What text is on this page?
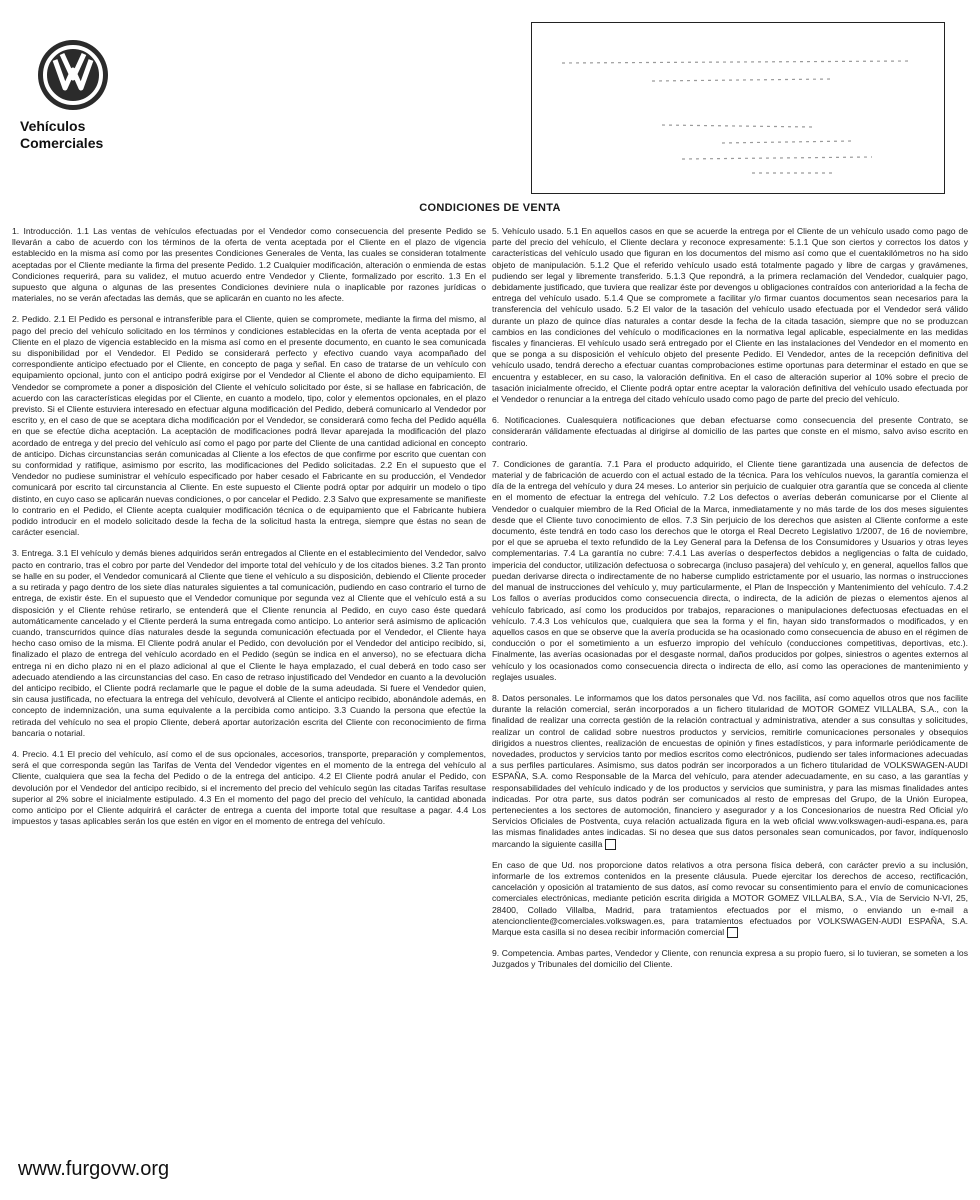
Vehículos
Comerciales
CONDICIONES DE VENTA

1. Introducción. 1.1 Las ventas de vehículos efectuadas por el Vendedor como consecuencia del presente Pedido se llevarán a cabo de acuerdo con los términos de la oferta de venta aceptada por el Cliente en el plazo de vigencia establecido en la misma así como por las presentes Condiciones Generales de Venta, las cuales se consideran totalmente aceptadas por el Cliente mediante la firma del presente Pedido. 1.2 Cualquier modificación, alteración o enmienda de estas Condiciones requerirá, para su validez, el mutuo acuerdo entre Vendedor y Cliente, formalizado por escrito. 1.3 En el supuesto que alguna o algunas de las presentes Condiciones deviniere nula o inaplicable por razones jurídicas o materiales, no se verán afectadas las demás, que se aplicarán en cuanto no les afecte.

2. Pedido. 2.1 El Pedido es personal e intransferible para el Cliente, quien se compromete, mediante la firma del mismo, al pago del precio del vehículo solicitado en los términos y condiciones establecidas en la oferta de venta aceptada por el Cliente en el plazo de vigencia establecido en la misma así como en el presente documento, en cuanto le sea comunicada su disponibilidad por el Vendedor. El Pedido se considerará perfecto y efectivo cuando vaya acompañado del correspondiente anticipo efectuado por el Cliente, en concepto de paga y señal. En caso de tratarse de un vehículo con equipamiento opcional, junto con el anticipo podrá exigirse por el Vendedor al Cliente el abono de dicho equipamiento. El Vendedor se compromete a poner a disposición del Cliente el vehículo solicitado por éste, si se hallase en fabricación, de acuerdo con las características elegidas por el Cliente, en cuanto a modelo, tipo, color y elementos opcionales, en el plazo previsto. Si el Cliente estuviera interesado en efectuar alguna modificación del Pedido, deberá comunicarlo al Vendedor por escrito y, en el caso de que se aceptara dicha modificación por el Vendedor, se considerará como fecha del Pedido aquélla en que se efectúe dicha aceptación. La aceptación de modificaciones podrá llevar aparejada la modificación del plazo acordado de entrega y del precio del vehículo así como el pago por parte del Cliente de una cantidad adicional en concepto de anticipo. Dichas circunstancias serán comunicadas al Cliente a los efectos de que confirme por escrito que cuentan con su conformidad y ratifique, asimismo por escrito, las modificaciones del Pedido solicitadas. 2.2 En el supuesto que el Vendedor no pudiese suministrar el vehículo especificado por haber cesado el Fabricante en su producción, el Vendedor comunicará por escrito tal circunstancia al Cliente. En este supuesto el Cliente podrá optar por adquirir un modelo o tipo distinto, en cuyo caso se aplicarán nuevas condiciones, o por cancelar el Pedido. 2.3 Salvo que expresamente se manifieste lo contrario en el Pedido, el Cliente acepta cualquier modificación técnica o de equipamiento que el Fabricante hubiera podido introducir en el modelo solicitado desde la fecha de la solicitud hasta la entrega, siempre que éstas no sean de carácter esencial.

3. Entrega. 3.1 El vehículo y demás bienes adquiridos serán entregados al Cliente en el establecimiento del Vendedor, salvo pacto en contrario, tras el cobro por parte del Vendedor del importe total del vehículo y de los citados bienes. 3.2 Tan pronto se halle en su poder, el Vendedor comunicará al Cliente que tiene el vehículo a su disposición, debiendo el Cliente proceder a su retirada y pago dentro de los siete días naturales siguientes a tal comunicación, pudiendo en caso contrario el turno de entrega, de existir éste. En el supuesto que el Vendedor comunique por segunda vez al Cliente que el vehículo está a su disposición y el Cliente rehúse retirarlo, se entenderá que el Cliente renuncia al Pedido, en cuyo caso éste quedará automáticamente cancelado y el Cliente perderá la suma entregada como anticipo. Lo anterior será asimismo de aplicación cuando, transcurridos quince días naturales desde la segunda comunicación efectuada por el Vendedor, el Cliente haya hecho caso omiso de la misma. El Cliente podrá anular el Pedido, con devolución por el Vendedor del anticipo recibido, si, finalizado el plazo de entrega del vehículo acordado en el Pedido (según se indica en el anverso), no se efectuara dicha entrega ni en dicho plazo ni en el plazo adicional al que el Cliente le haya emplazado, el cual deberá en todo caso ser adecuado atendiendo a las circunstancias del caso. En caso de retraso injustificado del Vendedor en cuanto a la devolución del anticipo recibido, el Cliente podrá reclamarle que le pague el doble de la suma adeudada. Si fuere el Vendedor quien, sin causa justificada, no efectuara la entrega del vehículo, devolverá al Cliente el anticipo recibido, abonándole además, en concepto de indemnización, una suma equivalente a la percibida como anticipo. 3.3 Cuando la persona que efectúe la retirada del vehículo no sea el propio Cliente, deberá aportar autorización escrita del Cliente con reconocimiento de firma bancaria o notarial.

4. Precio. 4.1 El precio del vehículo, así como el de sus opcionales, accesorios, transporte, preparación y complementos, será el que corresponda según las Tarifas de Venta del Vendedor vigentes en el momento de la entrega del vehículo al Cliente, cualquiera que sea la fecha del Pedido o de la entrega del anticipo. 4.2 El Cliente podrá anular el Pedido, con devolución por el Vendedor del anticipo recibido, si el incremento del precio del vehículo según las citadas Tarifas resultase superior al 2% sobre el inicialmente estipulado. 4.3 En el momento del pago del precio del vehículo, la cantidad abonada como anticipo por el Cliente adquirirá el carácter de entrega a cuenta del importe total que resultase a pagar. 4.4 Los impuestos y tasas aplicables serán los que estén en vigor en el momento de entrega del vehículo.

5. Vehículo usado. 5.1 En aquellos casos en que se acuerde la entrega por el Cliente de un vehículo usado como pago de parte del precio del vehículo, el Cliente declara y reconoce expresamente: 5.1.1 Que son ciertos y correctos los datos y características del vehículo usado que figuran en los documentos del mismo así como que el cuentakilómetros no ha sido objeto de manipulación. 5.1.2 Que el referido vehículo usado está totalmente pagado y libre de cargas y gravámenes, pudiendo ser legal y libremente transferido. 5.1.3 Que repondrá, a la primera reclamación del Vendedor, cualquier pago, debidamente justificado, que tuviera que realizar éste por devengos u obligaciones contraídos con anterioridad a la fecha de entrega del vehículo usado. 5.1.4 Que se compromete a facilitar y/o firmar cuantos documentos sean necesarios para la transferencia del vehículo usado. 5.2 El valor de la tasación del vehículo usado efectuada por el Vendedor será válido durante un plazo de quince días naturales a contar desde la fecha de la citada tasación, siempre que no se produzcan cambios en las condiciones del vehículo o modificaciones en la normativa legal aplicable, especialmente en las medidas fiscales y financieras. El vehículo usado será entregado por el Cliente en las instalaciones del Vendedor en el momento en que se ponga a su disposición el vehículo objeto del presente Pedido. El Vendedor, antes de la recepción definitiva del vehículo usado, tendrá derecho a efectuar cuantas comprobaciones estime oportunas para determinar el estado en que se encuentra y establecer, en su caso, la valoración definitiva. En el caso de alteración superior al 10% sobre el precio de tasación inicialmente ofrecido, el Cliente podrá optar entre aceptar la valoración definitiva del vehículo usado efectuada por el Vendedor o renunciar a la entrega del citado vehículo usado como pago de parte del precio del vehículo.

6. Notificaciones. Cualesquiera notificaciones que deban efectuarse como consecuencia del presente Contrato, se considerarán válidamente efectuadas al dirigirse al domicilio de las partes que conste en el mismo, salvo aviso escrito en contrario.

7. Condiciones de garantía. 7.1 Para el producto adquirido, el Cliente tiene garantizada una ausencia de defectos de material y de fabricación de acuerdo con el actual estado de la técnica. Para los vehículos nuevos, la garantía comienza el día de la entrega del vehículo y dura 24 meses. Lo anterior sin perjuicio de cualquier otra garantía que se conceda al cliente en el momento de efectuar la entrega del vehículo. 7.2 Los defectos o averías deberán comunicarse por el Cliente al Vendedor o cualquier miembro de la Red Oficial de la Marca, inmediatamente y no más tarde de los dos meses siguientes desde que el Cliente tuvo conocimiento de ellos. 7.3 Sin perjuicio de los derechos que asisten al Cliente conforme a este documento, éste tendrá en todo caso los derechos que le otorga el Real Decreto Legislativo 1/2007, de 16 de noviembre, por el que se aprueba el texto refundido de la Ley General para la Defensa de los Consumidores y Usuarios y otras leyes complementarias. 7.4 La garantía no cubre: 7.4.1 Las averías o desperfectos debidos a negligencias o falta de cuidado, impericia del conductor, utilización defectuosa o sobrecarga (incluso pasajera) del vehículo y, en general, aquellos fallos que puedan derivarse directa o indirectamente de no haberse cumplido estrictamente por el usuario, las normas o instrucciones del manual de instrucciones del vehículo y, muy particularmente, el Plan de Inspección y Mantenimiento del vehículo. 7.4.2 Los fallos o averías producidos como consecuencia directa, o indirecta, de la adición de piezas o elementos ajenos al vehículo fabricado, así como los producidos por trabajos, reparaciones o manipulaciones defectuosas efectuadas en el vehículo. 7.4.3 Los vehículos que, cualquiera que sea la forma y el fin, hayan sido transformados o modificados, y en aquellos casos en que se observe que la avería producida se ha ocasionado como consecuencia de abuso en el régimen de conducción o por el sometimiento a un esfuerzo impropio del vehículo (conducciones competitivas, deportivas, etc.). Finalmente, las averías ocasionadas por el desgaste normal, daños producidos por golpes, siniestros o agentes externos al vehículo y los ocasionados como consecuencia directa o indirecta de ello, así como las operaciones de mantenimiento y reglajes usuales.

8. Datos personales. Le informamos que los datos personales que Vd. nos facilita, así como aquellos otros que nos facilite durante la relación comercial, serán incorporados a un fichero titularidad de MOTOR GOMEZ VILLALBA, S.A., con la finalidad de realizar una correcta gestión de la relación contractual y administrativa, atender a sus consultas y solicitudes, realizar un control de calidad sobre nuestros productos y servicios, remitirle comunicaciones personales y obsequios dirigidos a nuestros clientes, realización de encuestas de opinión y fines estadísticos, y para informarle periódicamente de novedades, productos y servicios tanto por medios escritos como electrónicos, pudiendo ser tales informaciones adecuadas a sus perfiles particulares. Asimismo, sus datos podrán ser incorporados a un fichero titularidad de VOLKSWAGEN-AUDI ESPAÑA, S.A. como Responsable de la Marca del vehículo, para atender adecuadamente, en su caso, a las garantías y responsabilidades del vehículo indicado y de los productos y servicios que suministra, y para las mismas finalidades antes indicadas. Por otra parte, sus datos podrán ser comunicados al resto de empresas del Grupo, de la Unión Europea, pertenecientes a los sectores de automoción, financiero y asegurador y a los Concesionarios de nuestra Red Oficial y/o Servicios Oficiales de Postventa, cuya relación actualizada figura en la web oficial www.volkswagen-audi-espana.es, para las mismas finalidades antes indicadas. Si no desea que sus datos personales sean comunicados, por favor, indíquenoslo marcando la siguiente casilla

En caso de que Ud. nos proporcione datos relativos a otra persona física deberá, con carácter previo a su inclusión, informarle de los extremos contenidos en la presente cláusula. Puede ejercitar los derechos de acceso, rectificación, cancelación y oposición al tratamiento de sus datos, así como revocar su consentimiento para el envío de comunicaciones comerciales electrónicas, mediante petición escrita dirigida a MOTOR GOMEZ VILLALBA, S.A., Vía de Servicio N-VI, 25, 28400, Collado Villalba, Madrid, para tratamientos efectuados por el mismo, o enviando un e-mail a atencioncliente@comerciales.volkswagen.es, para tratamientos efectuados por VOLKSWAGEN-AUDI ESPAÑA, S.A. Marque esta casilla si no desea recibir información comercial

9. Competencia. Ambas partes, Vendedor y Cliente, con renuncia expresa a su propio fuero, si lo tuvieran, se someten a los Juzgados y Tribunales del domicilio del Cliente.

www.furgovw.org
